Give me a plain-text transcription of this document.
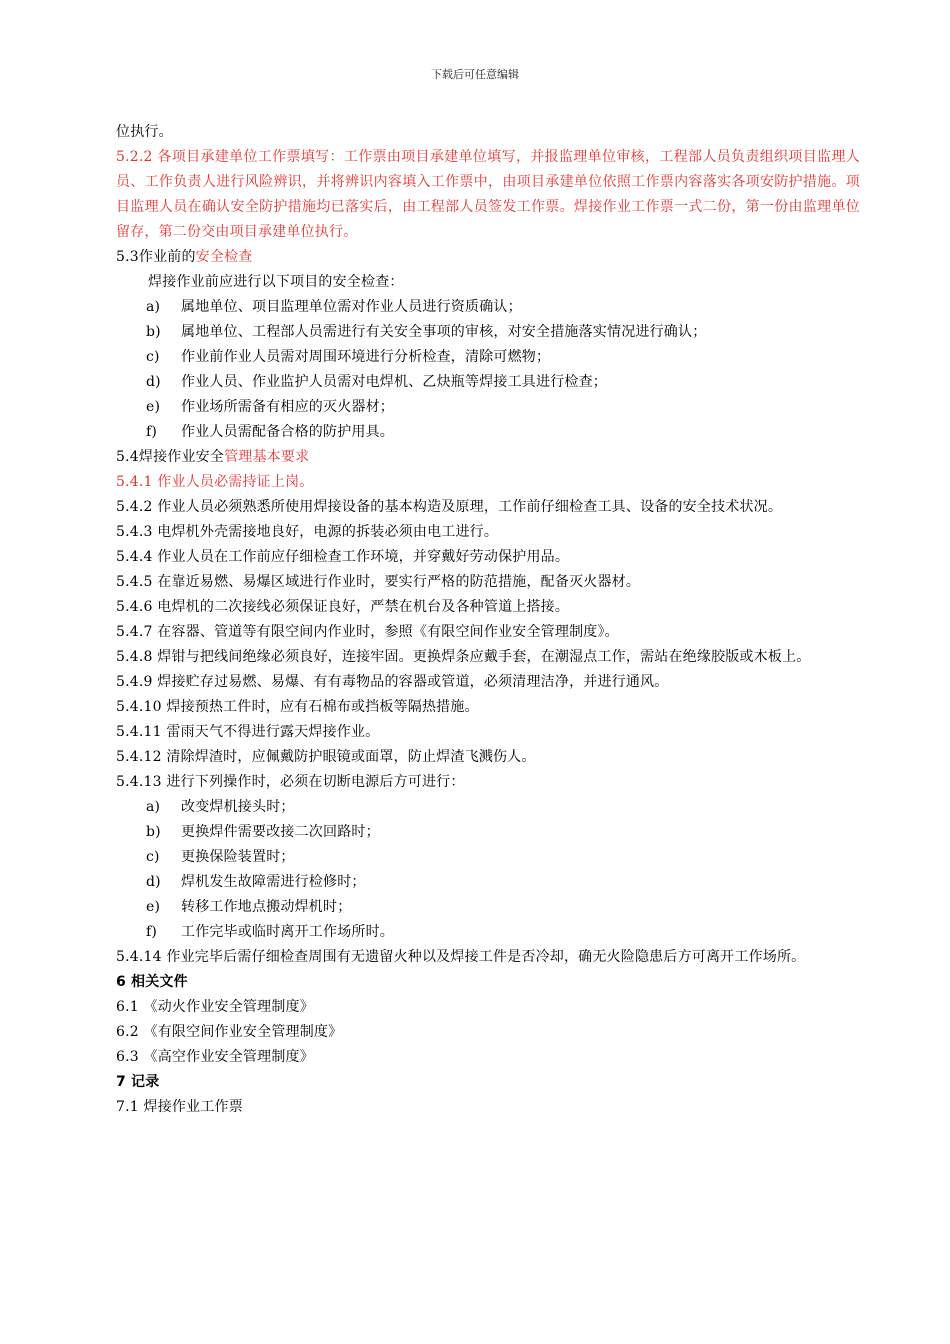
下载后可任意编辑
位执行。
5.2.2 各项目承建单位工作票填写：工作票由项目承建单位填写，并报监理单位审核，工程部人员负责组织项目监理人员、工作负责人进行风险辨识，并将辨识内容填入工作票中，由项目承建单位依照工作票内容落实各项安防护措施。项目监理人员在确认安全防护措施均已落实后，由工程部人员签发工作票。焊接作业工作票一式二份，第一份由监理单位留存，第二份交由项目承建单位执行。
5.3作业前的安全检查
焊接作业前应进行以下项目的安全检查：
a) 属地单位、项目监理单位需对作业人员进行资质确认；
b) 属地单位、工程部人员需进行有关安全事项的审核，对安全措施落实情况进行确认；
c) 作业前作业人员需对周围环境进行分析检查，清除可燃物；
d) 作业人员、作业监护人员需对电焊机、乙炔瓶等焊接工具进行检查；
e) 作业场所需备有相应的灭火器材；
f) 作业人员需配备合格的防护用具。
5.4焊接作业安全管理基本要求
5.4.1 作业人员必需持证上岗。
5.4.2 作业人员必须熟悉所使用焊接设备的基本构造及原理，工作前仔细检查工具、设备的安全技术状况。
5.4.3 电焊机外壳需接地良好，电源的拆装必须由电工进行。
5.4.4 作业人员在工作前应仔细检查工作环境，并穿戴好劳动保护用品。
5.4.5 在靠近易燃、易爆区域进行作业时，要实行严格的防范措施，配备灭火器材。
5.4.6 电焊机的二次接线必须保证良好，严禁在机台及各种管道上搭接。
5.4.7 在容器、管道等有限空间内作业时，参照《有限空间作业安全管理制度》。
5.4.8 焊钳与把线间绝缘必须良好，连接牢固。更换焊条应戴手套，在潮湿点工作，需站在绝缘胶版或木板上。
5.4.9 焊接贮存过易燃、易爆、有有毒物品的容器或管道，必须清理洁净，并进行通风。
5.4.10 焊接预热工件时，应有石棉布或挡板等隔热措施。
5.4.11 雷雨天气不得进行露天焊接作业。
5.4.12 清除焊渣时，应佩戴防护眼镜或面罩，防止焊渣飞溅伤人。
5.4.13 进行下列操作时，必须在切断电源后方可进行：
a) 改变焊机接头时；
b) 更换焊件需要改接二次回路时；
c) 更换保险装置时；
d) 焊机发生故障需进行检修时；
e) 转移工作地点搬动焊机时；
f) 工作完毕或临时离开工作场所时。
5.4.14 作业完毕后需仔细检查周围有无遗留火种以及焊接工件是否冷却，确无火险隐患后方可离开工作场所。
6 相关文件
6.1 《动火作业安全管理制度》
6.2 《有限空间作业安全管理制度》
6.3 《高空作业安全管理制度》
7 记录
7.1 焊接作业工作票
